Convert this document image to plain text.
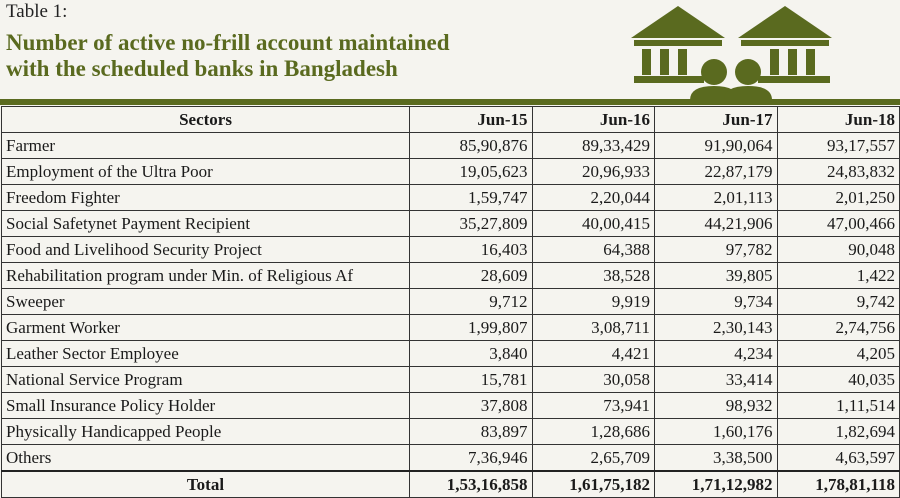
Table 1:
Number of active no-frill account maintained
with the scheduled banks in Bangladesh
Sectors	Jun-15	Jun-16	Jun-17	Jun-18
Farmer	85,90,876	89,33,429	91,90,064	93,17,557
Employment of the Ultra Poor	19,05,623	20,96,933	22,87,179	24,83,832
Freedom Fighter	1,59,747	2,20,044	2,01,113	2,01,250
Social Safetynet Payment Recipient	35,27,809	40,00,415	44,21,906	47,00,466
Food and Livelihood Security Project	16,403	64,388	97,782	90,048
Rehabilitation program under Min. of Religious Af	28,609	38,528	39,805	1,422
Sweeper	9,712	9,919	9,734	9,742
Garment Worker	1,99,807	3,08,711	2,30,143	2,74,756
Leather Sector Employee	3,840	4,421	4,234	4,205
National Service Program	15,781	30,058	33,414	40,035
Small Insurance Policy Holder	37,808	73,941	98,932	1,11,514
Physically Handicapped People	83,897	1,28,686	1,60,176	1,82,694
Others	7,36,946	2,65,709	3,38,500	4,63,597
Total	1,53,16,858	1,61,75,182	1,71,12,982	1,78,81,118
